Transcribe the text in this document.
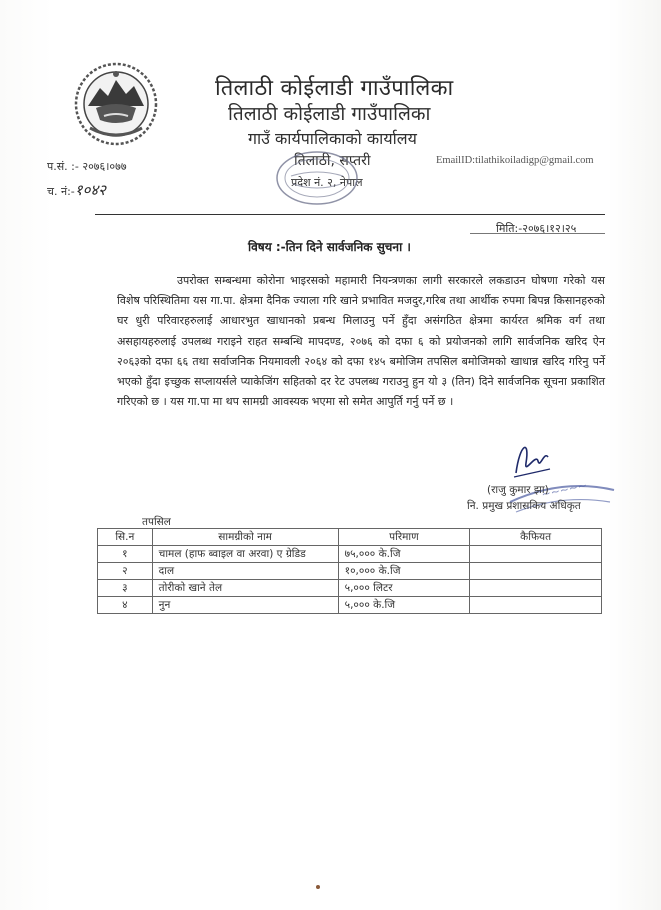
तिलाठी कोईलाडी गाउँपालिका
तिलाठी कोईलाडी गाउँपालिका
गाउँ कार्यपालिकाको कार्यालय
तिलाठी, सप्तरी
प्रदेश नं. २, नेपाल
EmailID:tilathikoiladigp@gmail.com
प.सं. :- २०७६।०७७
च. नं:-१०४२
मिति:-२०७६।१२।२५
विषय :-तिन दिने सार्वजनिक सुचना ।
उपरोक्त सम्बन्धमा कोरोना भाइरसको महामारी नियन्त्रणका लागी सरकारले लकडाउन घोषणा गरेको यस विशेष परिस्थितिमा यस गा.पा. क्षेत्रमा दैनिक ज्याला गरि खाने प्रभावित मजदुर,गरिब तथा आर्थीक रुपमा बिपन्न किसानहरुको घर धुरी परिवारहरुलाई आधारभुत खाधानको प्रबन्ध मिलाउनु पर्ने हुँदा असंगठित क्षेत्रमा कार्यरत श्रमिक वर्ग तथा असहायहरुलाई उपलब्ध गराइने राहत सम्बन्धि मापदण्ड, २०७६ को दफा ६ को प्रयोजनको लागि सार्वजनिक खरिद ऐन २०६३को दफा ६६ तथा सर्वाजनिक नियमावली २०६४ को दफा १४५ बमोजिम तपसिल बमोजिमको खाधान्न खरिद गरिनु पर्ने भएको हुँदा इच्छुक सप्लायर्सले प्याकेजिंग सहितको दर रेट उपलब्ध गराउनु हुन यो ३ (तिन) दिने सार्वजनिक सूचना प्रकाशित गरिएको छ । यस गा.पा मा थप सामग्री आवस्यक भएमा सो समेत आपुर्ति गर्नु पर्ने छ ।
~~~~~
(राजु कुमार झा)
नि. प्रमुख प्रशासकिय अधिकृत
तपसिल
सि.न	सामग्रीको नाम	परिमाण	कैफियत
१	चामल (हाफ ब्वाइल वा अरवा) ए ग्रेडिड	७५,००० के.जि	
२	दाल	१०,००० के.जि	
३	तोरीको खाने तेल	५,००० लिटर	
४	नुन	५,००० के.जि	
